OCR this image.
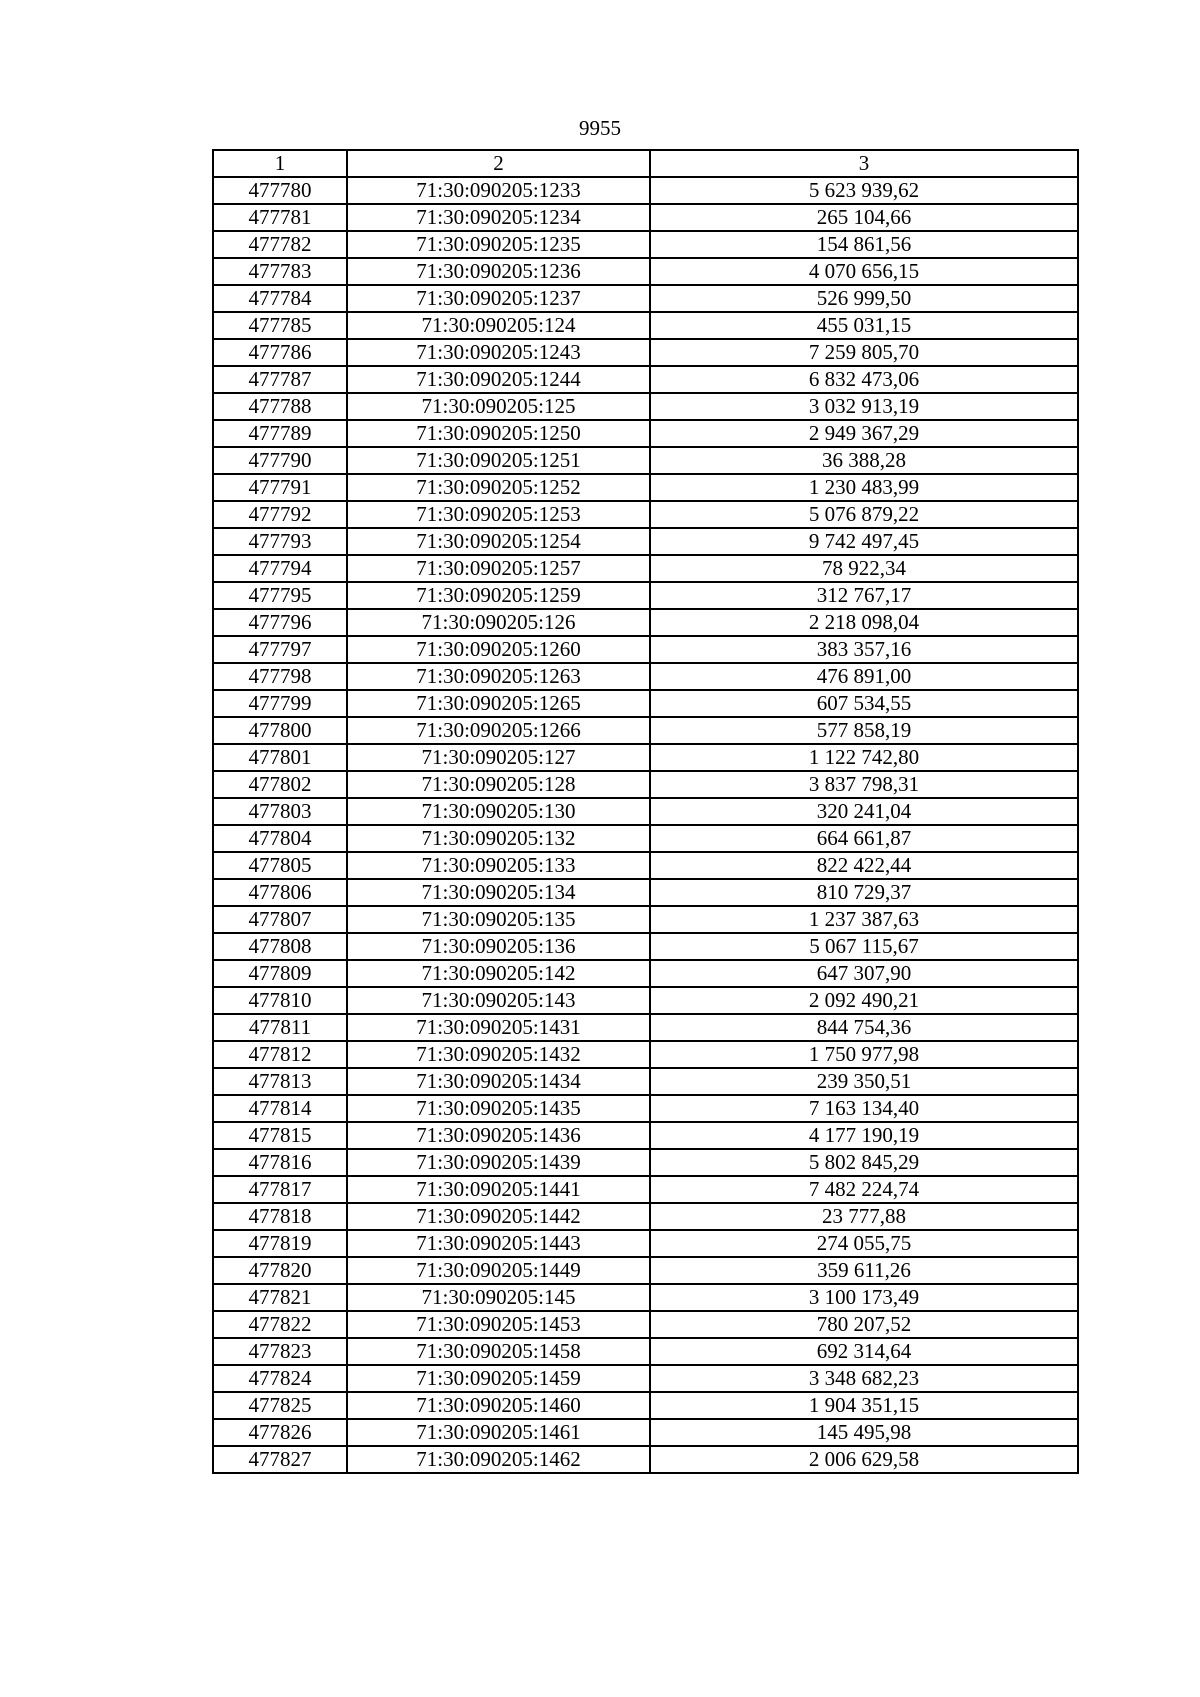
9955
1	2	3
477780	71:30:090205:1233	5 623 939,62
477781	71:30:090205:1234	265 104,66
477782	71:30:090205:1235	154 861,56
477783	71:30:090205:1236	4 070 656,15
477784	71:30:090205:1237	526 999,50
477785	71:30:090205:124	455 031,15
477786	71:30:090205:1243	7 259 805,70
477787	71:30:090205:1244	6 832 473,06
477788	71:30:090205:125	3 032 913,19
477789	71:30:090205:1250	2 949 367,29
477790	71:30:090205:1251	36 388,28
477791	71:30:090205:1252	1 230 483,99
477792	71:30:090205:1253	5 076 879,22
477793	71:30:090205:1254	9 742 497,45
477794	71:30:090205:1257	78 922,34
477795	71:30:090205:1259	312 767,17
477796	71:30:090205:126	2 218 098,04
477797	71:30:090205:1260	383 357,16
477798	71:30:090205:1263	476 891,00
477799	71:30:090205:1265	607 534,55
477800	71:30:090205:1266	577 858,19
477801	71:30:090205:127	1 122 742,80
477802	71:30:090205:128	3 837 798,31
477803	71:30:090205:130	320 241,04
477804	71:30:090205:132	664 661,87
477805	71:30:090205:133	822 422,44
477806	71:30:090205:134	810 729,37
477807	71:30:090205:135	1 237 387,63
477808	71:30:090205:136	5 067 115,67
477809	71:30:090205:142	647 307,90
477810	71:30:090205:143	2 092 490,21
477811	71:30:090205:1431	844 754,36
477812	71:30:090205:1432	1 750 977,98
477813	71:30:090205:1434	239 350,51
477814	71:30:090205:1435	7 163 134,40
477815	71:30:090205:1436	4 177 190,19
477816	71:30:090205:1439	5 802 845,29
477817	71:30:090205:1441	7 482 224,74
477818	71:30:090205:1442	23 777,88
477819	71:30:090205:1443	274 055,75
477820	71:30:090205:1449	359 611,26
477821	71:30:090205:145	3 100 173,49
477822	71:30:090205:1453	780 207,52
477823	71:30:090205:1458	692 314,64
477824	71:30:090205:1459	3 348 682,23
477825	71:30:090205:1460	1 904 351,15
477826	71:30:090205:1461	145 495,98
477827	71:30:090205:1462	2 006 629,58
